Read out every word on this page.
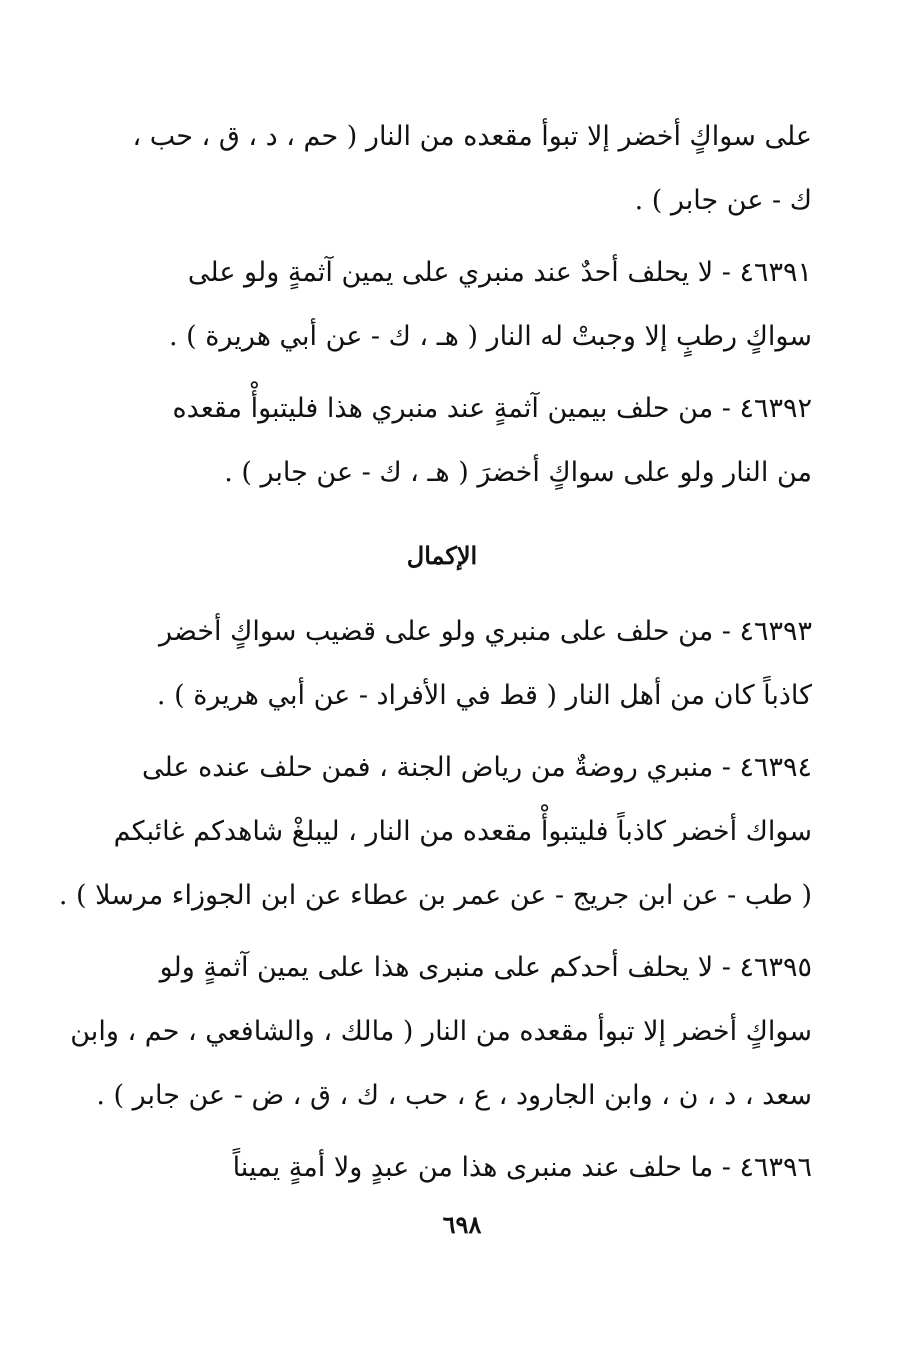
على سواكٍ أخضر إلا تبوأ مقعده من النار ( حم ، د ، ق ، حب ،
ك - عن جابر ) .
٤٦٣٩١ - لا يحلف أحدٌ عند منبري على يمين آثمةٍ ولو على
سواكٍ رطبٍ إلا وجبتْ له النار ( هـ ، ك - عن أبي هريرة ) .
٤٦٣٩٢ - من حلف بيمين آثمةٍ عند منبري هذا فليتبوأْ مقعده
من النار ولو على سواكٍ أخضرَ ( هـ ، ك - عن جابر ) .
الإكمال
٤٦٣٩٣ - من حلف على منبري ولو على قضيب سواكٍ أخضر
كاذباً كان من أهل النار ( قط في الأفراد - عن أبي هريرة ) .
٤٦٣٩٤ - منبري روضةٌ من رياض الجنة ، فمن حلف عنده على
سواك أخضر كاذباً فليتبوأْ مقعده من النار ، ليبلغْ شاهدكم غائبكم
( طب - عن ابن جريج - عن عمر بن عطاء عن ابن الجوزاء مرسلا ) .
٤٦٣٩٥ - لا يحلف أحدكم على منبرى هذا على يمين آثمةٍ ولو
سواكٍ أخضر إلا تبوأ مقعده من النار ( مالك ، والشافعي ، حم ، وابن
سعد ، د ، ن ، وابن الجارود ، ع ، حب ، ك ، ق ، ض - عن جابر ) .
٤٦٣٩٦ - ما حلف عند منبرى هذا من عبدٍ ولا أمةٍ يميناً
٦٩٨
